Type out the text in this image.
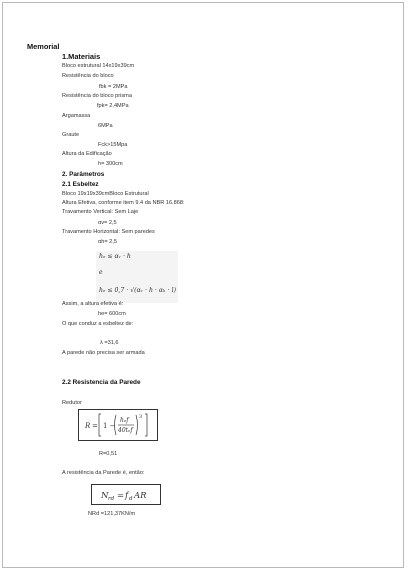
Memorial
1.Materiais
Bloco estrutural 14x19x39cm
Resistência do bloco
fbk = 2MPa
Resistência do bloco prisma
fpk= 2,4MPa
Argamassa
6MPa
Graute
Fck>15Mpa
Altura da Edificação
h= 300cm
2. Parâmetros
2.1 Esbeltez
Bloco 19x19x39cmBloco Estrutural
Altura Efetiva, conforme item 9.4 da NBR 16.868:
Travamento Vertical: Sem Laje
αv= 2,5
Travamento Horizontal: Sem paredes
αh= 2,5
hₑ ≤ αᵥ · h
e
hₑ ≤ 0,7 · √(αᵥ · h · αₕ · l)
Assim, a altura efetiva é:
he= 600cm
O que conduz a esbeltez de:
λ =31,6
A parede não precisa ser armada
2.2 Resistencia da Parede
Redutor
R = 1 −
hₑf
40tₑf
3
R=0,51
A resistência da Parede é, então:
N rd = f d AR
NRd =121,37KN/m
